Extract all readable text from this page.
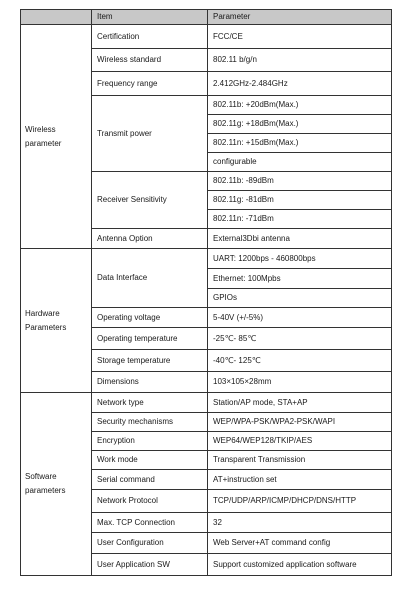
	Item	Parameter
Wireless
parameter	Certification	FCC/CE
	Wireless standard	802.11 b/g/n
	Frequency range	2.412GHz-2.484GHz
	Transmit power	802.11b: +20dBm(Max.)
		802.11g: +18dBm(Max.)
		802.11n: +15dBm(Max.)
		configurable
	Receiver Sensitivity	802.11b: -89dBm
		802.11g: -81dBm
		802.11n: -71dBm
	Antenna Option	External3Dbi antenna
Hardware
Parameters	Data Interface	UART: 1200bps - 460800bps
		Ethernet: 100Mpbs
		GPIOs
	Operating voltage	5-40V (+/-5%)
	Operating temperature	-25℃- 85℃
	Storage temperature	-40℃- 125℃
	Dimensions	103×105×28mm
Software
parameters	Network type	Station/AP mode, STA+AP
	Security mechanisms	WEP/WPA-PSK/WPA2-PSK/WAPI
	Encryption	WEP64/WEP128/TKIP/AES
	Work mode	Transparent Transmission
	Serial command	AT+instruction set
	Network Protocol	TCP/UDP/ARP/ICMP/DHCP/DNS/HTTP
	Max. TCP Connection	32
	User Configuration	Web Server+AT command config
	User Application SW	Support customized application software
